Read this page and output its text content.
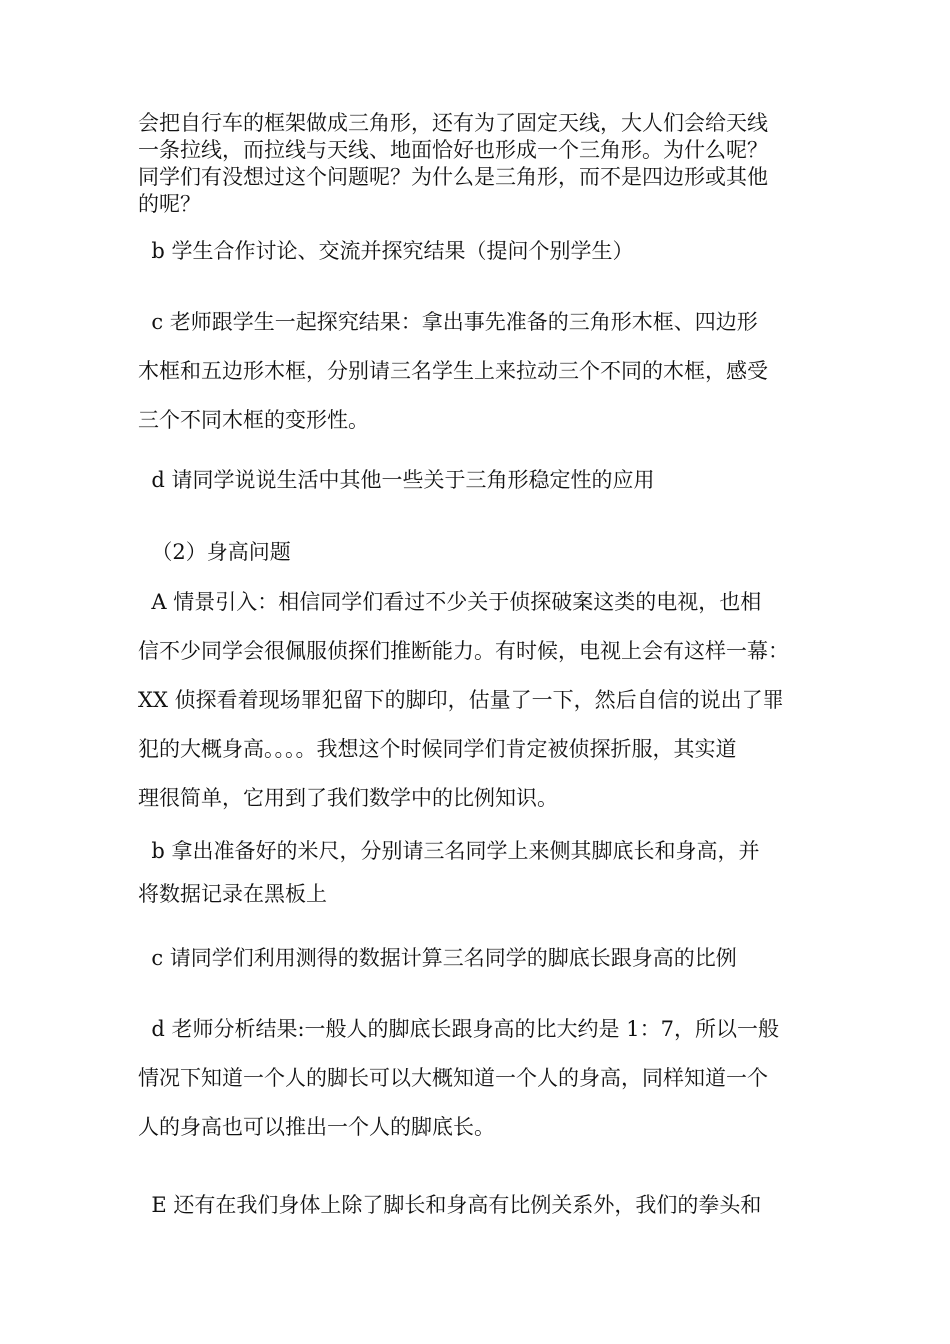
会把自行车的框架做成三角形，还有为了固定天线，大人们会给天线
一条拉线，而拉线与天线、地面恰好也形成一个三角形。为什么呢？
同学们有没想过这个问题呢？为什么是三角形，而不是四边形或其他
的呢？
b 学生合作讨论、交流并探究结果（提问个别学生）
c 老师跟学生一起探究结果：拿出事先准备的三角形木框、四边形
木框和五边形木框，分别请三名学生上来拉动三个不同的木框，感受
三个不同木框的变形性。
d 请同学说说生活中其他一些关于三角形稳定性的应用
（2）身高问题
A 情景引入：相信同学们看过不少关于侦探破案这类的电视，也相
信不少同学会很佩服侦探们推断能力。有时候，电视上会有这样一幕：
XX 侦探看着现场罪犯留下的脚印，估量了一下，然后自信的说出了罪
犯的大概身高。。。。我想这个时候同学们肯定被侦探折服，其实道
理很简单，它用到了我们数学中的比例知识。
b 拿出准备好的米尺，分别请三名同学上来侧其脚底长和身高，并
将数据记录在黑板上
c 请同学们利用测得的数据计算三名同学的脚底长跟身高的比例
d 老师分析结果:一般人的脚底长跟身高的比大约是 1：7，所以一般
情况下知道一个人的脚长可以大概知道一个人的身高，同样知道一个
人的身高也可以推出一个人的脚底长。
E 还有在我们身体上除了脚长和身高有比例关系外，我们的拳头和
